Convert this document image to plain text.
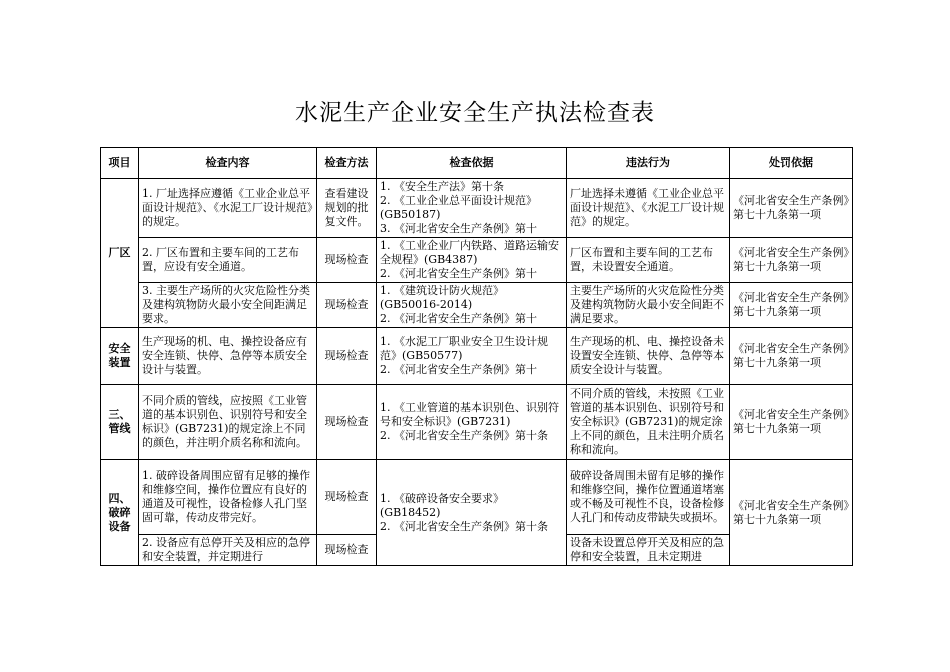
水泥生产企业安全生产执法检查表
项目	检查内容	检查方法	检查依据	违法行为	处罚依据
厂区	1. 厂址选择应遵循《工业企业总平面设计规范》、《水泥工厂设计规范》的规定。	查看建设规划的批复文件。	1. 《安全生产法》第十条
2. 《工业企业总平面设计规范》(GB50187)
3. 《河北省安全生产条例》第十	厂址选择未遵循《工业企业总平面设计规范》、《水泥工厂设计规范》的规定。	《河北省安全生产条例》第七十九条第一项
	2. 厂区布置和主要车间的工艺布置，应设有安全通道。	现场检查	1. 《工业企业厂内铁路、道路运输安全规程》(GB4387)
2. 《河北省安全生产条例》第十	厂区布置和主要车间的工艺布置，未设置安全通道。	《河北省安全生产条例》第七十九条第一项
	3. 主要生产场所的火灾危险性分类及建构筑物防火最小安全间距满足要求。	现场检查	1. 《建筑设计防火规范》(GB50016-2014)
2. 《河北省安全生产条例》第十	主要生产场所的火灾危险性分类及建构筑物防火最小安全间距不满足要求。	《河北省安全生产条例》第七十九条第一项
安全装置	生产现场的机、电、操控设备应有安全连锁、快停、急停等本质安全设计与装置。	现场检查	1. 《水泥工厂职业安全卫生设计规范》(GB50577)
2. 《河北省安全生产条例》第十	生产现场的机、电、操控设备未设置安全连锁、快停、急停等本质安全设计与装置。	《河北省安全生产条例》第七十九条第一项
三、管线	不同介质的管线，应按照《工业管道的基本识别色、识别符号和安全标识》(GB7231)的规定涂上不同的颜色，并注明介质名称和流向。	现场检查	1. 《工业管道的基本识别色、识别符号和安全标识》(GB7231)
2. 《河北省安全生产条例》第十条	不同介质的管线，未按照《工业管道的基本识别色、识别符号和安全标识》(GB7231)的规定涂上不同的颜色，且未注明介质名称和流向。	《河北省安全生产条例》第七十九条第一项
四、破碎设备	1. 破碎设备周围应留有足够的操作和维修空间，操作位置应有良好的通道及可视性，设备检修人孔门坚固可靠，传动皮带完好。	现场检查	1. 《破碎设备安全要求》(GB18452)
2. 《河北省安全生产条例》第十条	破碎设备周围未留有足够的操作和维修空间，操作位置通道堵塞或不畅及可视性不良，设备检修人孔门和传动皮带缺失或损坏。	《河北省安全生产条例》第七十九条第一项
	2. 设备应有总停开关及相应的急停和安全装置，并定期进行	现场检查		设备未设置总停开关及相应的急停和安全装置，且未定期进	
